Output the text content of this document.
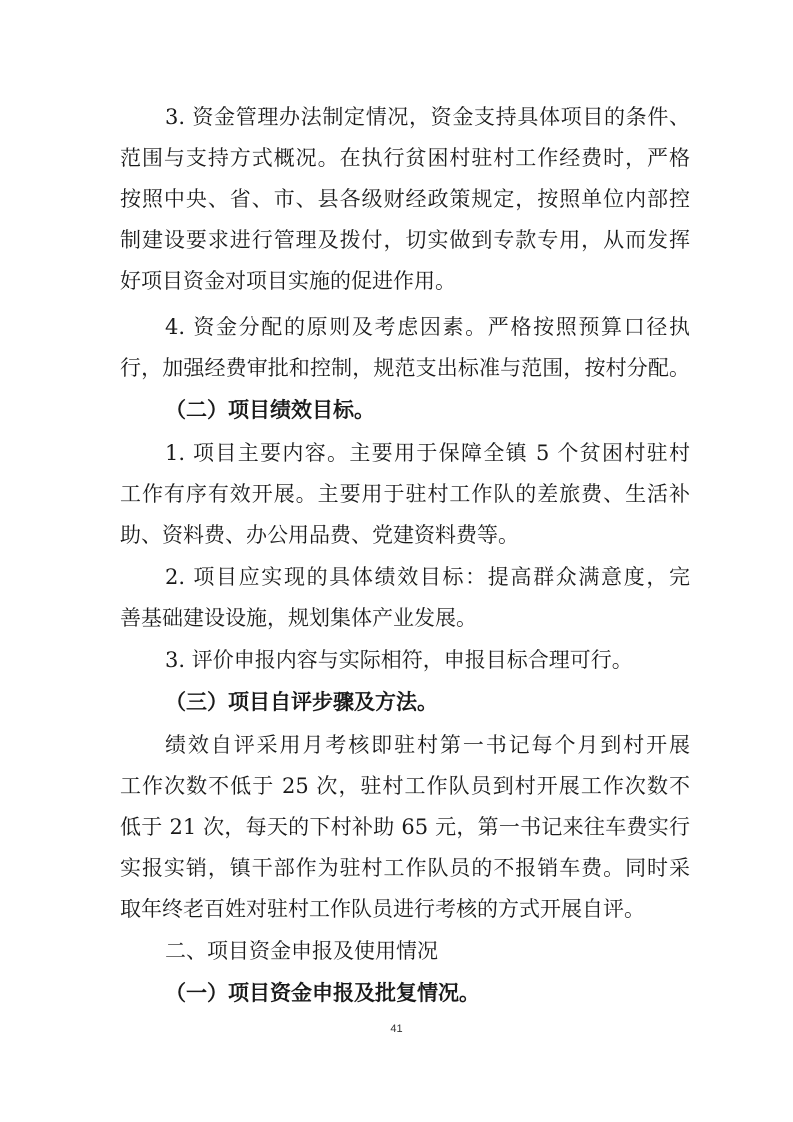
3. 资金管理办法制定情况，资金支持具体项目的条件、
范围与支持方式概况。在执行贫困村驻村工作经费时，严格
按照中央、省、市、县各级财经政策规定，按照单位内部控
制建设要求进行管理及拨付，切实做到专款专用，从而发挥
好项目资金对项目实施的促进作用。
4. 资金分配的原则及考虑因素。严格按照预算口径执
行，加强经费审批和控制，规范支出标准与范围，按村分配。
（二）项目绩效目标。
1. 项目主要内容。主要用于保障全镇 5 个贫困村驻村
工作有序有效开展。主要用于驻村工作队的差旅费、生活补
助、资料费、办公用品费、党建资料费等。
2. 项目应实现的具体绩效目标：提高群众满意度，完
善基础建设设施，规划集体产业发展。
3. 评价申报内容与实际相符，申报目标合理可行。
（三）项目自评步骤及方法。
绩效自评采用月考核即驻村第一书记每个月到村开展
工作次数不低于 25 次，驻村工作队员到村开展工作次数不
低于 21 次，每天的下村补助 65 元，第一书记来往车费实行
实报实销，镇干部作为驻村工作队员的不报销车费。同时采
取年终老百姓对驻村工作队员进行考核的方式开展自评。
二、项目资金申报及使用情况
（一）项目资金申报及批复情况。
41
